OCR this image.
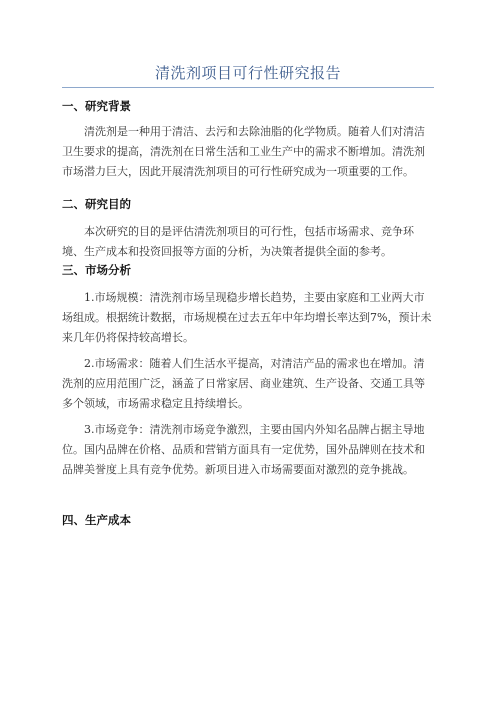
清洗剂项目可行性研究报告
一、研究背景
清洗剂是一种用于清洁、去污和去除油脂的化学物质。随着人们对清洁卫生要求的提高，清洗剂在日常生活和工业生产中的需求不断增加。清洗剂市场潜力巨大，因此开展清洗剂项目的可行性研究成为一项重要的工作。
二、研究目的
本次研究的目的是评估清洗剂项目的可行性，包括市场需求、竞争环境、生产成本和投资回报等方面的分析，为决策者提供全面的参考。
三、市场分析
1.市场规模：清洗剂市场呈现稳步增长趋势，主要由家庭和工业两大市场组成。根据统计数据，市场规模在过去五年中年均增长率达到7%，预计未来几年仍将保持较高增长。
2.市场需求：随着人们生活水平提高，对清洁产品的需求也在增加。清洗剂的应用范围广泛，涵盖了日常家居、商业建筑、生产设备、交通工具等多个领域，市场需求稳定且持续增长。
3.市场竞争：清洗剂市场竞争激烈，主要由国内外知名品牌占据主导地位。国内品牌在价格、品质和营销方面具有一定优势，国外品牌则在技术和品牌美誉度上具有竞争优势。新项目进入市场需要面对激烈的竞争挑战。
四、生产成本
